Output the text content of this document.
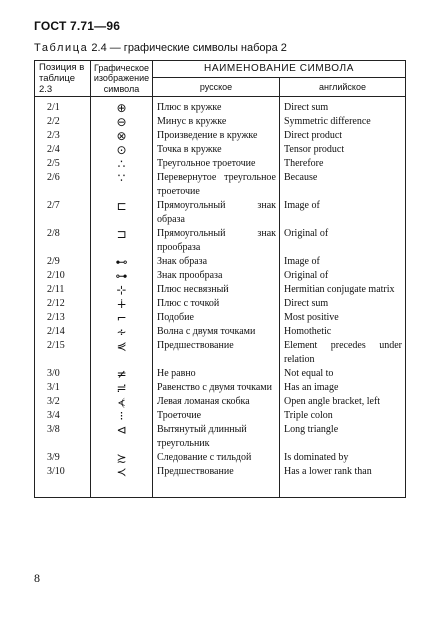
ГОСТ 7.71—96
Таблица 2.4 — графические символы набора 2
Позиция в таблице 2.3	Графическое изображение символа	НАИМЕНОВАНИЕ СИМВОЛА	
		русское	английское
2/1	⊕	Плюс в кружке	Direct sum
2/2	⊖	Минус в кружке	Symmetric difference
2/3	⊗	Произведение в кружке	Direct product
2/4	⊙	Точка в кружке	Tensor product
2/5	∴	Треугольное троеточие	Therefore
2/6	∵	Перевернутое треугольное троеточие	Because
2/7	⊏	Прямоугольный знак образа	Image of
2/8	⊐	Прямоугольный знак прообраза	Original of
2/9	⊷	Знак образа	Image of
2/10	⊶	Знак прообраза	Original of
2/11	⊹	Плюс несвязный	Hermitian conjugate matrix
2/12	∔	Плюс с точкой	Direct sum
2/13	⌐	Подобие	Most positive
2/14	∻	Волна с двумя точками	Homothetic
2/15	⋞	Предшествование	Element precedes under relation
3/0	≠	Не равно	Not equal to
3/1	≓	Равенство с двумя точками	Has an image
3/2	⦓	Левая ломаная скобка	Open angle bracket, left
3/4	⁝	Троеточие	Triple colon
3/8	⊲	Вытянутый длинный треугольник	Long triangle
3/9	≿	Следование с тильдой	Is dominated by
3/10	≺	Предшествование	Has a lower rank than
8
